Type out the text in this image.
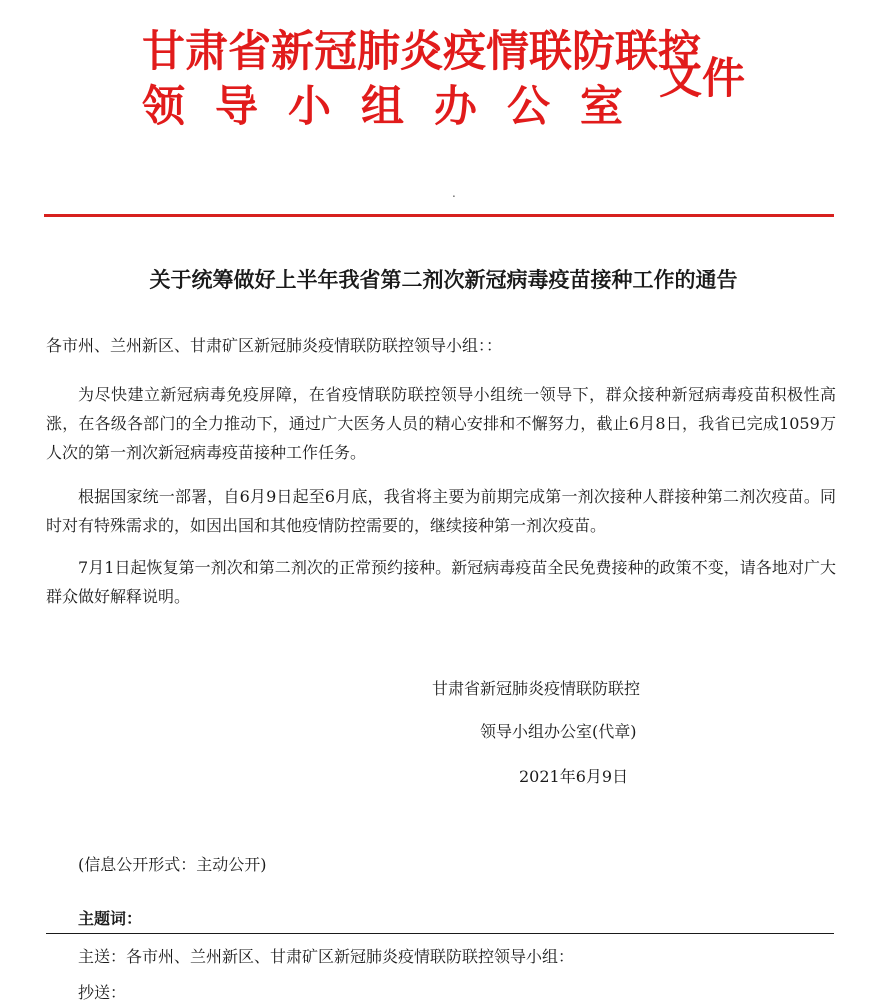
甘肃省新冠肺炎疫情联防联控
领导小组办公室
文件
.
关于统筹做好上半年我省第二剂次新冠病毒疫苗接种工作的通告
各市州、兰州新区、甘肃矿区新冠肺炎疫情联防联控领导小组：：
为尽快建立新冠病毒免疫屏障，在省疫情联防联控领导小组统一领导下，群众接种新冠病毒疫苗积极性高涨，在各级各部门的全力推动下，通过广大医务人员的精心安排和不懈努力，截止6月8日，我省已完成1059万人次的第一剂次新冠病毒疫苗接种工作任务。
根据国家统一部署，自6月9日起至6月底，我省将主要为前期完成第一剂次接种人群接种第二剂次疫苗。同时对有特殊需求的，如因出国和其他疫情防控需要的，继续接种第一剂次疫苗。
7月1日起恢复第一剂次和第二剂次的正常预约接种。新冠病毒疫苗全民免费接种的政策不变，请各地对广大群众做好解释说明。
甘肃省新冠肺炎疫情联防联控
领导小组办公室(代章)
2021年6月9日
(信息公开形式：主动公开)
主题词：
主送：各市州、兰州新区、甘肃矿区新冠肺炎疫情联防联控领导小组：
抄送：
